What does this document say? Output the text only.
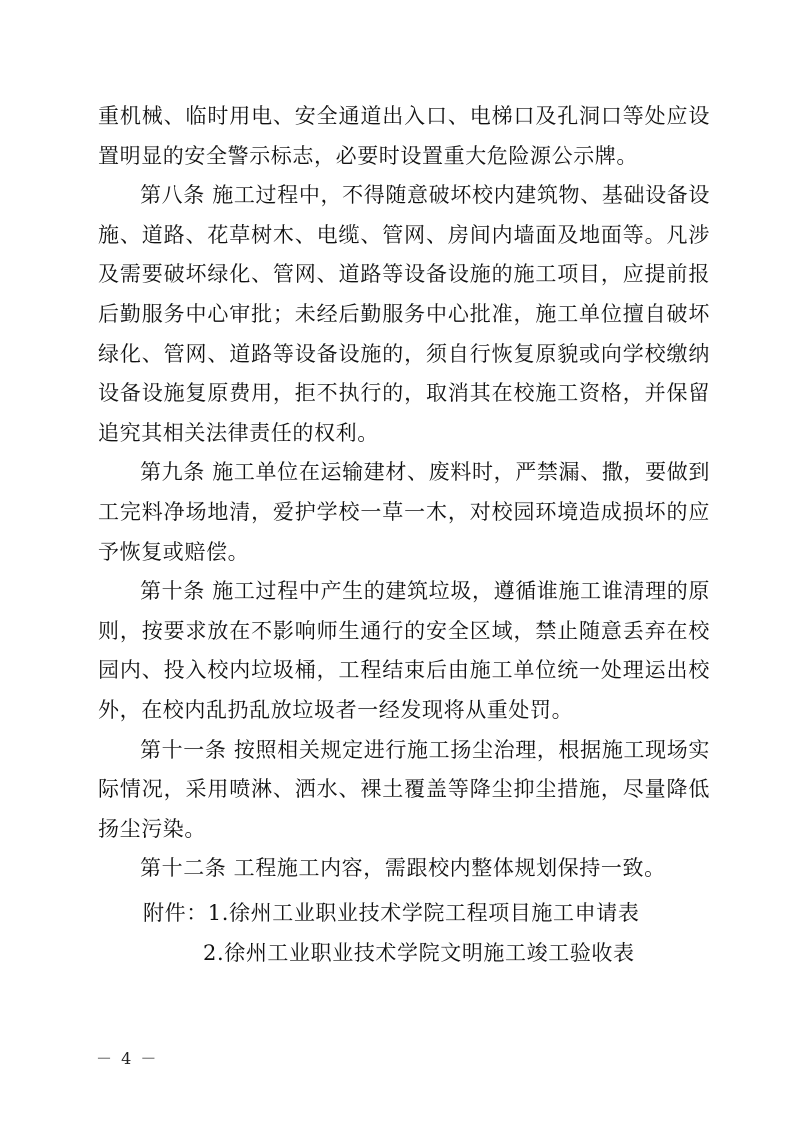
重机械、临时用电、安全通道出入口、电梯口及孔洞口等处应设置明显的安全警示标志，必要时设置重大危险源公示牌。

第八条 施工过程中，不得随意破坏校内建筑物、基础设备设施、道路、花草树木、电缆、管网、房间内墙面及地面等。凡涉及需要破坏绿化、管网、道路等设备设施的施工项目，应提前报后勤服务中心审批；未经后勤服务中心批准，施工单位擅自破坏绿化、管网、道路等设备设施的，须自行恢复原貌或向学校缴纳设备设施复原费用，拒不执行的，取消其在校施工资格，并保留追究其相关法律责任的权利。

第九条 施工单位在运输建材、废料时，严禁漏、撒，要做到工完料净场地清，爱护学校一草一木，对校园环境造成损坏的应予恢复或赔偿。

第十条 施工过程中产生的建筑垃圾，遵循谁施工谁清理的原则，按要求放在不影响师生通行的安全区域，禁止随意丢弃在校园内、投入校内垃圾桶，工程结束后由施工单位统一处理运出校外，在校内乱扔乱放垃圾者一经发现将从重处罚。

第十一条 按照相关规定进行施工扬尘治理，根据施工现场实际情况，采用喷淋、洒水、裸土覆盖等降尘抑尘措施，尽量降低扬尘污染。

第十二条 工程施工内容，需跟校内整体规划保持一致。

附件：1.徐州工业职业技术学院工程项目施工申请表
2.徐州工业职业技术学院文明施工竣工验收表
－ 4 －
